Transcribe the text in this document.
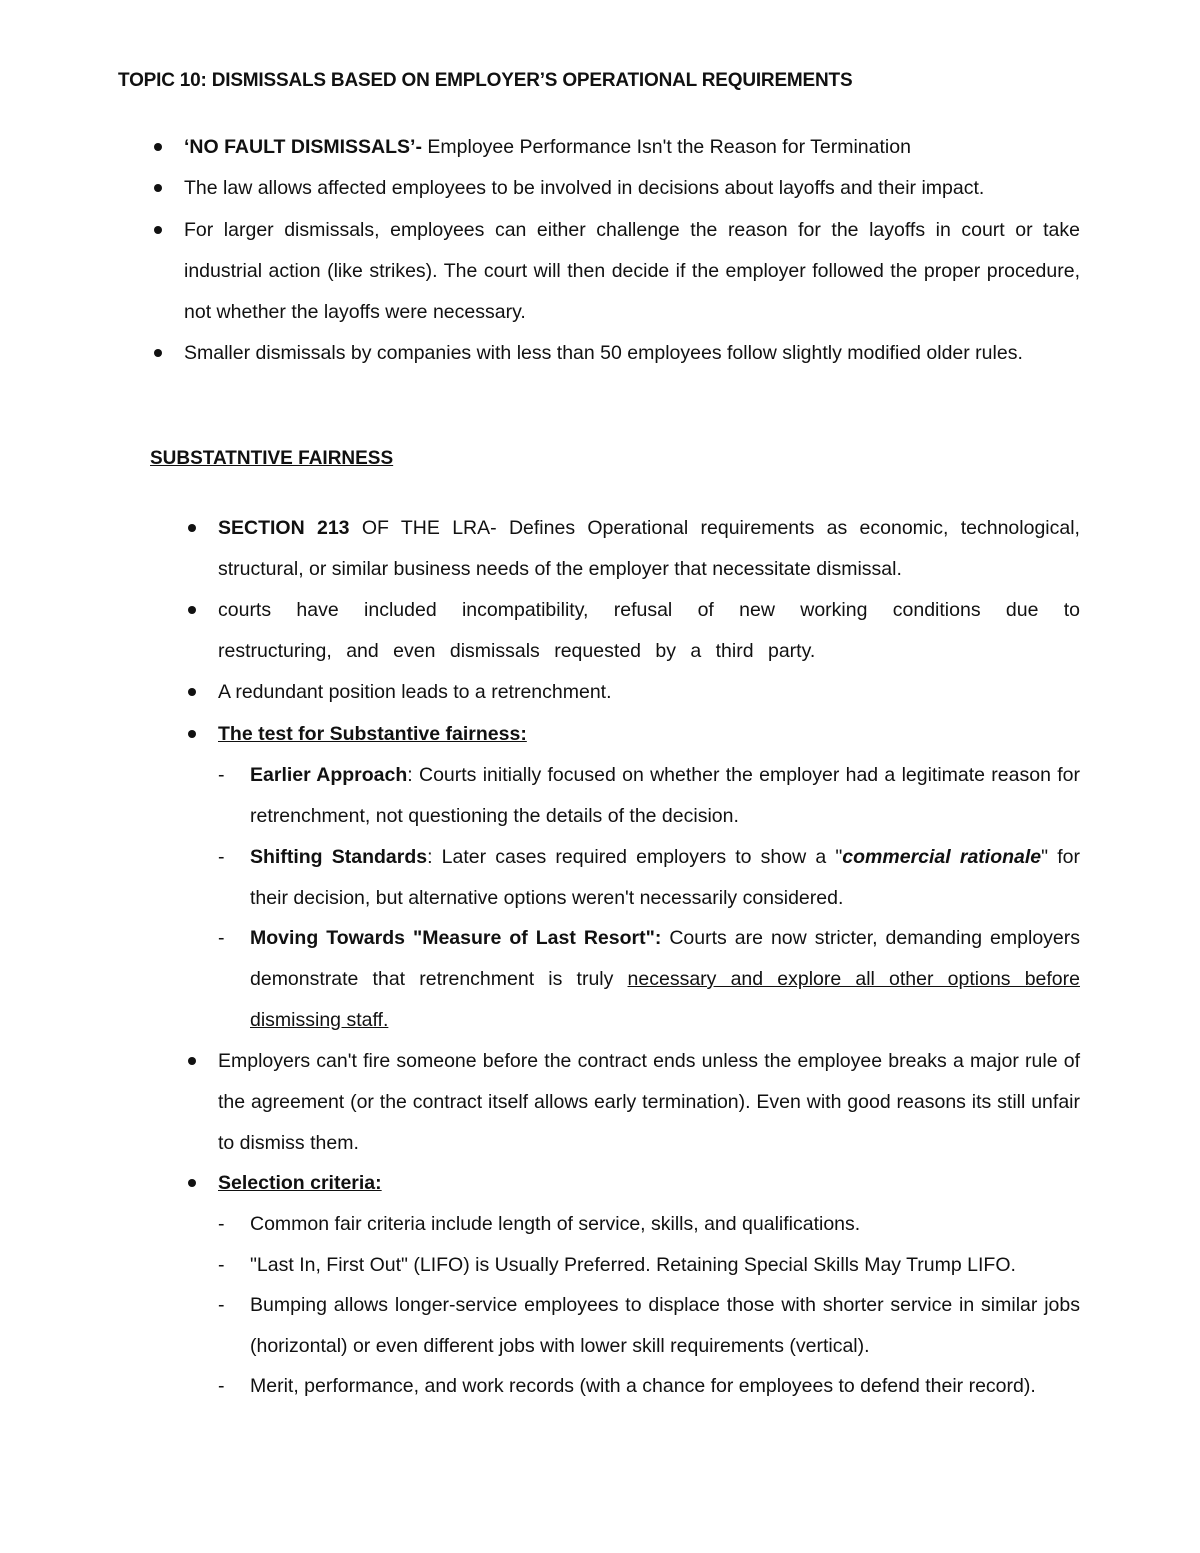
TOPIC 10: DISMISSALS BASED ON EMPLOYER’S OPERATIONAL REQUIREMENTS
‘NO FAULT DISMISSALS’- Employee Performance Isn't the Reason for Termination
The law allows affected employees to be involved in decisions about layoffs and their impact.
For larger dismissals, employees can either challenge the reason for the layoffs in court or take industrial action (like strikes). The court will then decide if the employer followed the proper procedure, not whether the layoffs were necessary.
Smaller dismissals by companies with less than 50 employees follow slightly modified older rules.
SUBSTATNTIVE FAIRNESS
SECTION 213 OF THE LRA- Defines Operational requirements as economic, technological, structural, or similar business needs of the employer that necessitate dismissal.
courts have included incompatibility, refusal of new working conditions due to restructuring, and even dismissals requested by a third party.
A redundant position leads to a retrenchment.
The test for Substantive fairness:
- Earlier Approach: Courts initially focused on whether the employer had a legitimate reason for retrenchment, not questioning the details of the decision.
- Shifting Standards: Later cases required employers to show a "commercial rationale" for their decision, but alternative options weren't necessarily considered.
- Moving Towards "Measure of Last Resort": Courts are now stricter, demanding employers demonstrate that retrenchment is truly necessary and explore all other options before dismissing staff.
Employers can't fire someone before the contract ends unless the employee breaks a major rule of the agreement (or the contract itself allows early termination). Even with good reasons its still unfair to dismiss them.
Selection criteria:
- Common fair criteria include length of service, skills, and qualifications.
- "Last In, First Out" (LIFO) is Usually Preferred. Retaining Special Skills May Trump LIFO.
- Bumping allows longer-service employees to displace those with shorter service in similar jobs (horizontal) or even different jobs with lower skill requirements (vertical).
- Merit, performance, and work records (with a chance for employees to defend their record).
